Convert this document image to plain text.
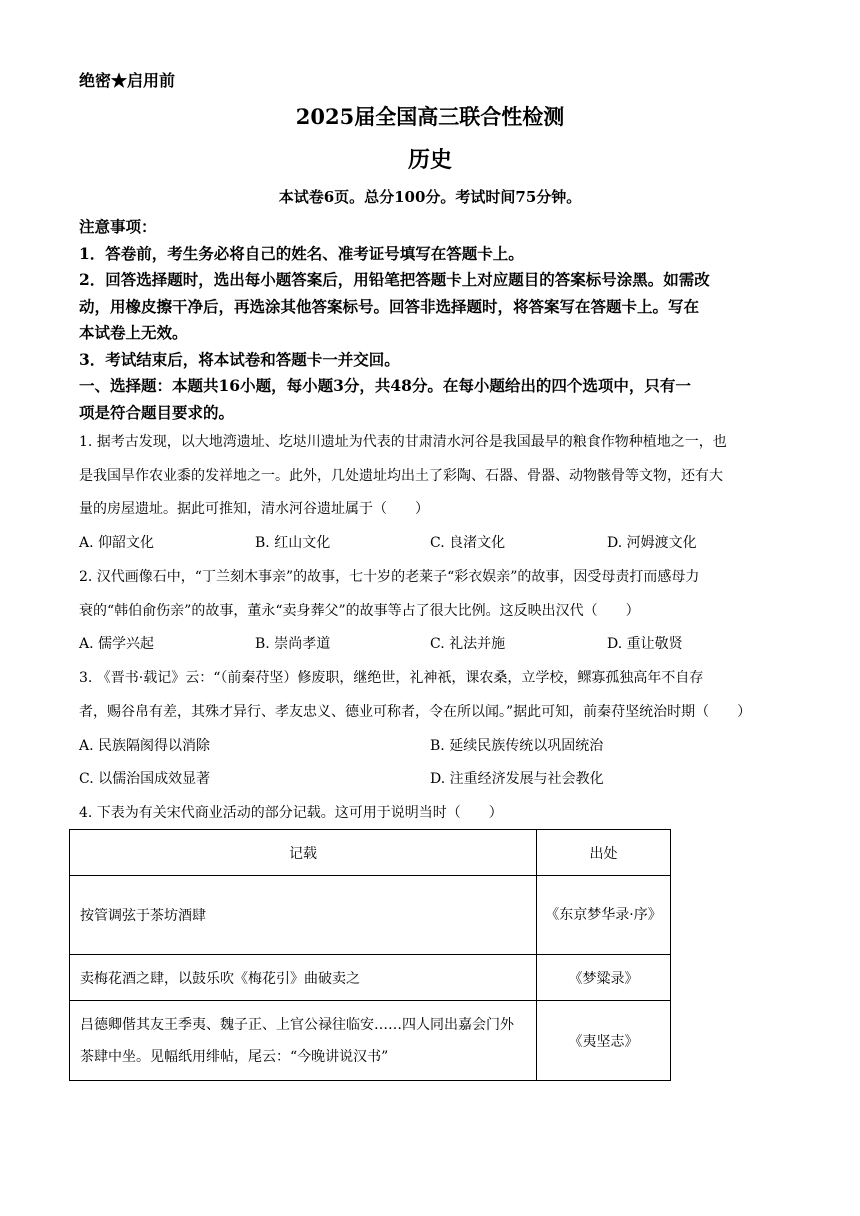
绝密★启用前
2025届全国高三联合性检测
历史
本试卷6页。总分100分。考试时间75分钟。
注意事项：
1．答卷前，考生务必将自己的姓名、准考证号填写在答题卡上。
2．回答选择题时，选出每小题答案后，用铅笔把答题卡上对应题目的答案标号涂黑。如需改
动，用橡皮擦干净后，再选涂其他答案标号。回答非选择题时，将答案写在答题卡上。写在
本试卷上无效。
3．考试结束后，将本试卷和答题卡一并交回。
一、选择题：本题共16小题，每小题3分，共48分。在每小题给出的四个选项中，只有一
项是符合题目要求的。
1. 据考古发现，以大地湾遗址、圪垯川遗址为代表的甘肃清水河谷是我国最早的粮食作物种植地之一，也
是我国旱作农业黍的发祥地之一。此外，几处遗址均出土了彩陶、石器、骨器、动物骸骨等文物，还有大
量的房屋遗址。据此可推知，清水河谷遗址属于（　　）
A. 仰韶文化	B. 红山文化	C. 良渚文化	D. 河姆渡文化
2. 汉代画像石中，“丁兰刻木事亲”的故事，七十岁的老莱子“彩衣娱亲”的故事，因受母责打而感母力
衰的“韩伯俞伤亲”的故事，董永“卖身葬父”的故事等占了很大比例。这反映出汉代（　　）
A. 儒学兴起	B. 崇尚孝道	C. 礼法并施	D. 重让敬贤
3. 《晋书·载记》云：“（前秦苻坚）修废职，继绝世，礼神祇，课农桑，立学校，鳏寡孤独高年不自存
者，赐谷帛有差，其殊才异行、孝友忠义、德业可称者，令在所以闻。”据此可知，前秦苻坚统治时期（　　）
A. 民族隔阂得以消除	B. 延续民族传统以巩固统治
C. 以儒治国成效显著	D. 注重经济发展与社会教化
4. 下表为有关宋代商业活动的部分记载。这可用于说明当时（　　）
记载	出处
按管调弦于茶坊酒肆	《东京梦华录·序》
卖梅花酒之肆，以鼓乐吹《梅花引》曲破卖之	《梦粱录》
吕德卿偕其友王季夷、魏子正、上官公禄往临安……四人同出嘉会门外茶肆中坐。见幅纸用绯帖，尾云：“今晚讲说汉书”	《夷坚志》
